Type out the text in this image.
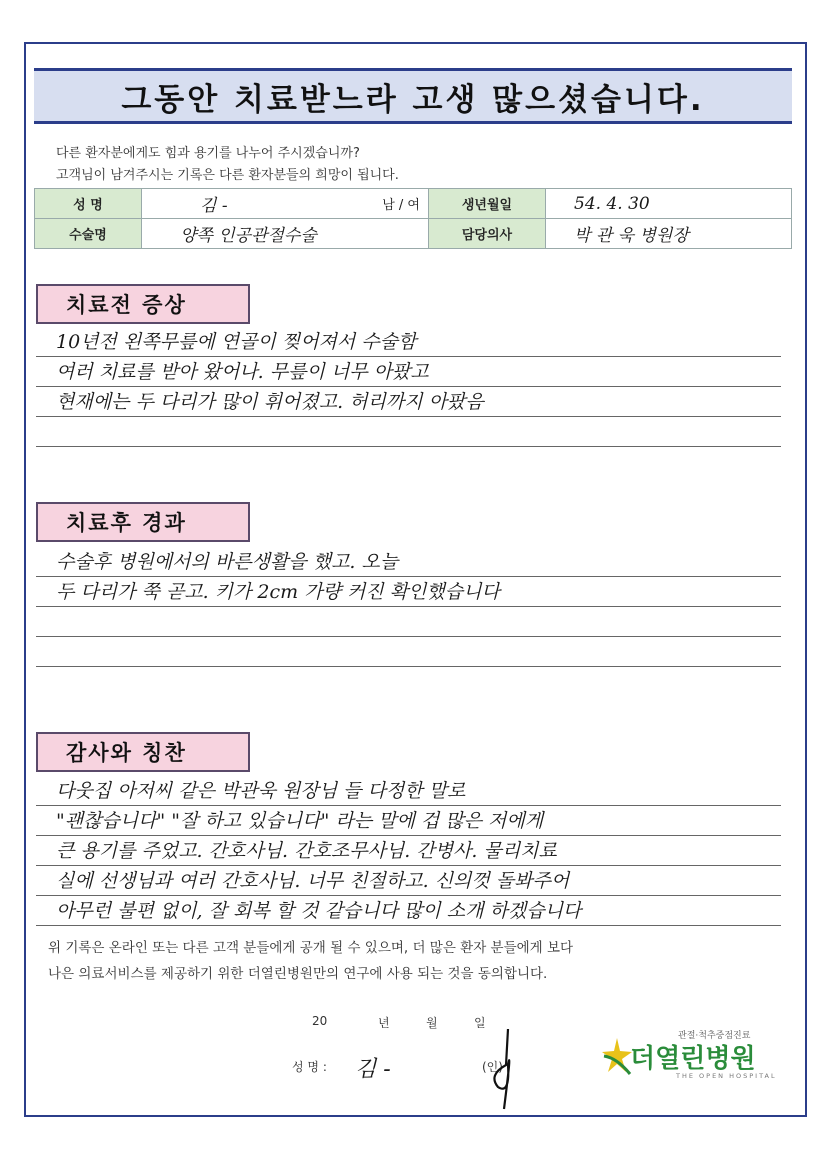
그동안 치료받느라 고생 많으셨습니다.
다른 환자분에게도 힘과 용기를 나누어 주시겠습니까?
고객님이 남겨주시는 기록은 다른 환자분들의 희망이 됩니다.
성 명	김 - 남 / 여	생년월일	54. 4. 30
수술명	양쪽 인공관절수술	담당의사	박 관 욱 병원장
치료전 증상
10년전 왼쪽무릎에 연골이 찢어져서 수술함
여러 치료를 받아 왔어나. 무릎이 너무 아팠고
현재에는 두 다리가 많이 휘어졌고. 허리까지 아팠음
치료후 경과
수술후 병원에서의 바른생활을 했고. 오늘
두 다리가 쭉 곧고. 키가 2cm 가량 커진 확인했습니다
감사와 칭찬
다웃집 아저씨 같은 박관욱 원장님 들 다정한 말로
"괜찮습니다" "잘 하고 있습니다" 라는 말에 겁 많은 저에게
큰 용기를 주었고. 간호사님. 간호조무사님. 간병사. 물리치료
실에 선생님과 여러 간호사님. 너무 친절하고. 신의껏 돌봐주어
아무런 불편 없이, 잘 회복 할 것 같습니다 많이 소개 하겠습니다
위 기록은 온라인 또는 다른 고객 분들에게 공개 될 수 있으며, 더 많은 환자 분들에게 보다
나은 의료서비스를 제공하기 위한 더열린병원만의 연구에 사용 되는 것을 동의합니다.
20	년	월	일
성 명 : 김 -	(인)
관절·척추중점진료
더열린병원
THE OPEN HOSPITAL
